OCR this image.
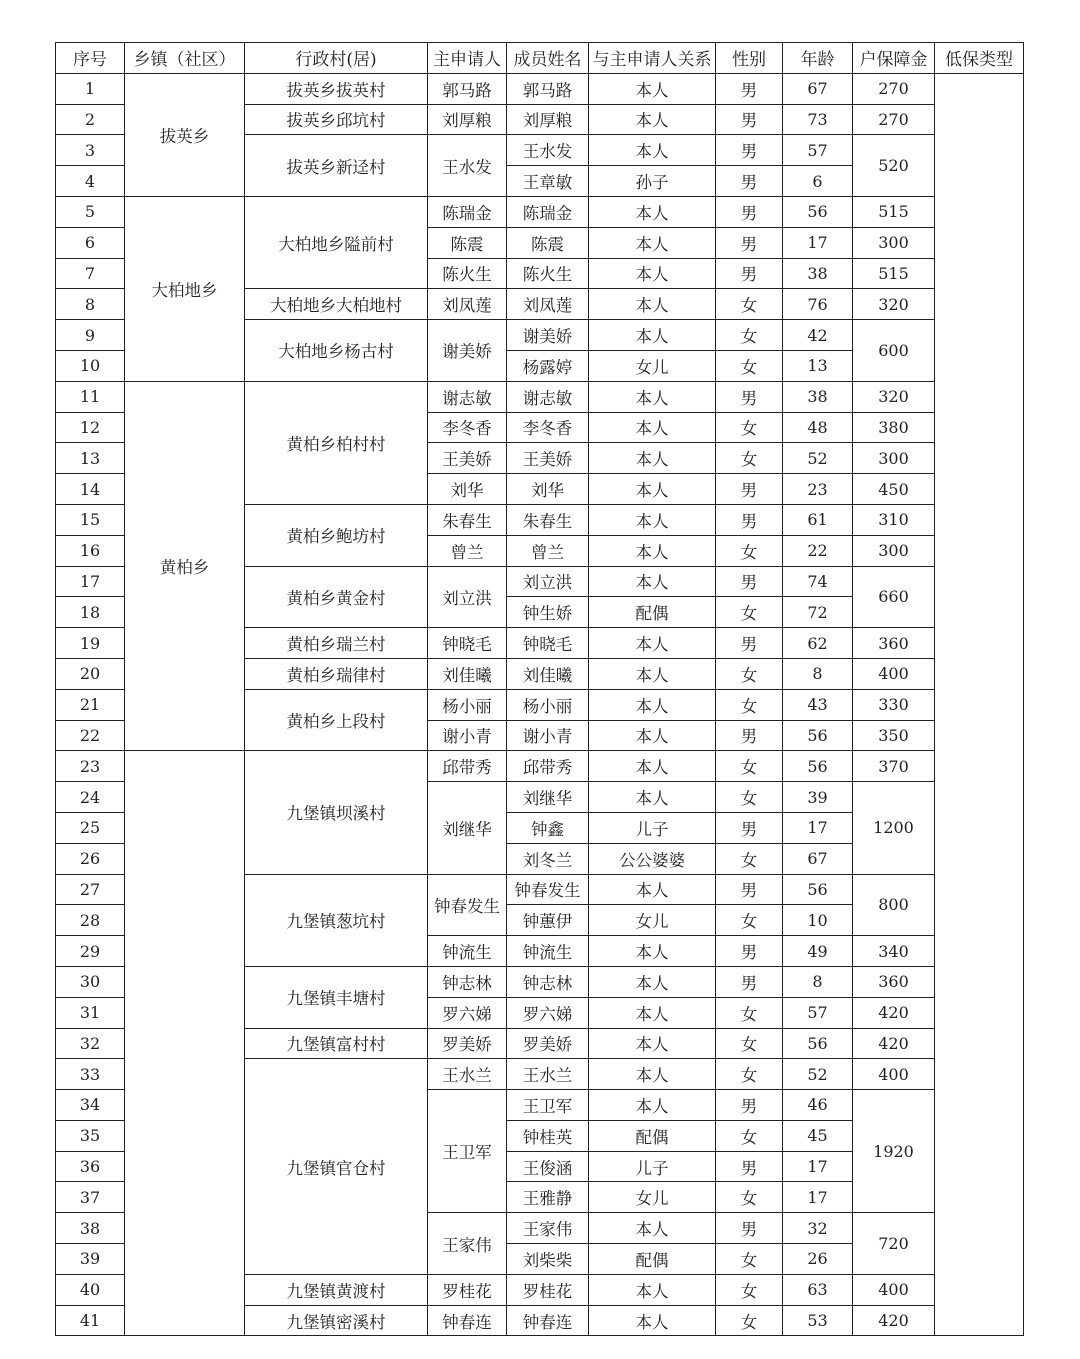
序号	乡镇（社区）	行政村(居)	主申请人	成员姓名	与主申请人关系	性别	年龄	户保障金	低保类型
1	拔英乡	拔英乡拔英村	郭马路	郭马路	本人	男	67	270	
2		拔英乡邱坑村	刘厚粮	刘厚粮	本人	男	73	270	
3		拔英乡新迳村	王水发	王水发	本人	男	57	520	
4				王章敏	孙子	男	6		
5	大柏地乡	大柏地乡隘前村	陈瑞金	陈瑞金	本人	男	56	515	
6			陈震	陈震	本人	男	17	300	
7			陈火生	陈火生	本人	男	38	515	
8		大柏地乡大柏地村	刘凤莲	刘凤莲	本人	女	76	320	
9		大柏地乡杨古村	谢美娇	谢美娇	本人	女	42	600	
10				杨露婷	女儿	女	13		
11	黄柏乡	黄柏乡柏村村	谢志敏	谢志敏	本人	男	38	320	
12			李冬香	李冬香	本人	女	48	380	
13			王美娇	王美娇	本人	女	52	300	
14			刘华	刘华	本人	男	23	450	
15		黄柏乡鲍坊村	朱春生	朱春生	本人	男	61	310	
16			曾兰	曾兰	本人	女	22	300	
17		黄柏乡黄金村	刘立洪	刘立洪	本人	男	74	660	
18				钟生娇	配偶	女	72		
19		黄柏乡瑞兰村	钟晓毛	钟晓毛	本人	男	62	360	
20		黄柏乡瑞律村	刘佳曦	刘佳曦	本人	女	8	400	
21		黄柏乡上段村	杨小丽	杨小丽	本人	女	43	330	
22			谢小青	谢小青	本人	男	56	350	
23		九堡镇坝溪村	邱带秀	邱带秀	本人	女	56	370	
24			刘继华	刘继华	本人	女	39	1200	
25				钟鑫	儿子	男	17		
26				刘冬兰	公公婆婆	女	67		
27		九堡镇葱坑村	钟春发生	钟春发生	本人	男	56	800	
28				钟蕙伊	女儿	女	10		
29			钟流生	钟流生	本人	男	49	340	
30		九堡镇丰塘村	钟志林	钟志林	本人	男	8	360	
31			罗六娣	罗六娣	本人	女	57	420	
32		九堡镇富村村	罗美娇	罗美娇	本人	女	56	420	
33		九堡镇官仓村	王水兰	王水兰	本人	女	52	400	
34			王卫军	王卫军	本人	男	46	1920	
35				钟桂英	配偶	女	45		
36				王俊涵	儿子	男	17		
37				王雅静	女儿	女	17		
38			王家伟	王家伟	本人	男	32	720	
39				刘柴柴	配偶	女	26		
40		九堡镇黄渡村	罗桂花	罗桂花	本人	女	63	400	
41		九堡镇密溪村	钟春连	钟春连	本人	女	53	420	
